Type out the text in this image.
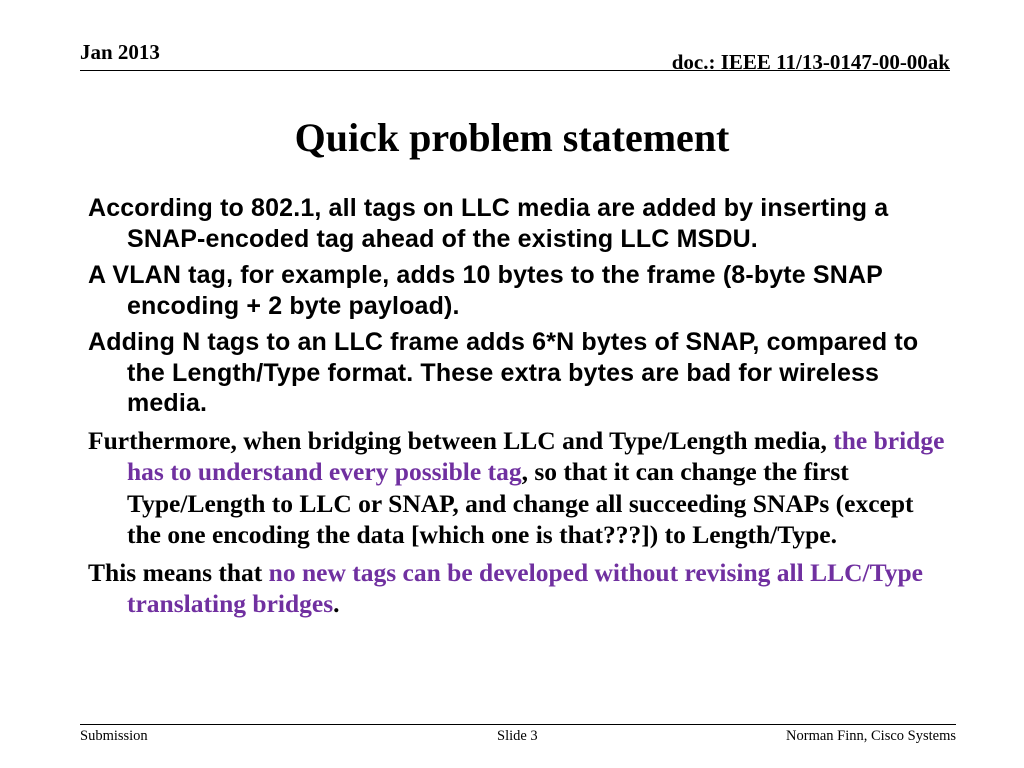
Jan 2013	doc.: IEEE 11/13-0147-00-00ak
Quick problem statement
According to 802.1, all tags on LLC media are added by inserting a SNAP-encoded tag ahead of the existing LLC MSDU.
A VLAN tag, for example, adds 10 bytes to the frame (8-byte SNAP encoding + 2 byte payload).
Adding N tags to an LLC frame adds 6*N bytes of SNAP, compared to the Length/Type format. These extra bytes are bad for wireless media.
Furthermore, when bridging between LLC and Type/Length media, the bridge has to understand every possible tag, so that it can change the first Type/Length to LLC or SNAP, and change all succeeding SNAPs (except the one encoding the data [which one is that???]) to Length/Type.
This means that no new tags can be developed without revising all LLC/Type translating bridges.
Submission	Slide 3	Norman Finn, Cisco Systems
